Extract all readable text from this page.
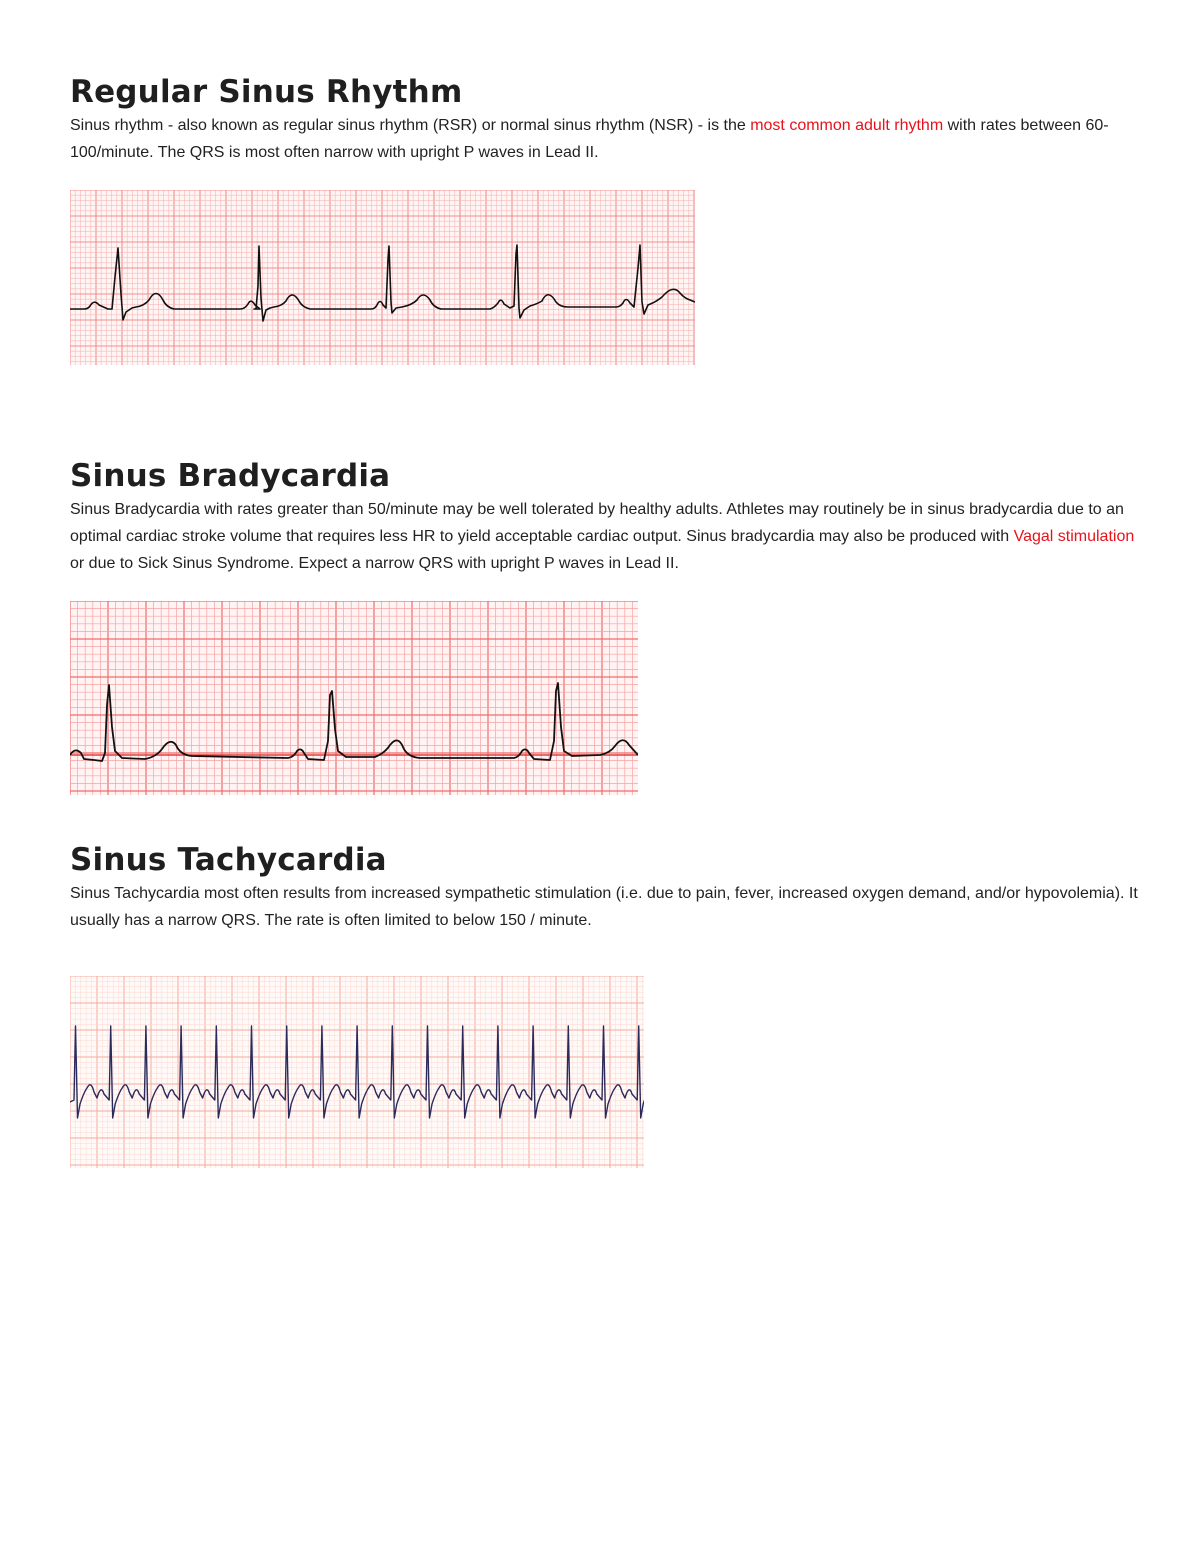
Regular Sinus Rhythm

Sinus rhythm - also known as regular sinus rhythm (RSR) or normal sinus rhythm (NSR) - is the most common adult rhythm with rates between 60-100/minute. The QRS is most often narrow with upright P waves in Lead II.

Sinus Bradycardia

Sinus Bradycardia with rates greater than 50/minute may be well tolerated by healthy adults. Athletes may routinely be in sinus bradycardia due to an optimal cardiac stroke volume that requires less HR to yield acceptable cardiac output. Sinus bradycardia may also be produced with Vagal stimulation or due to Sick Sinus Syndrome. Expect a narrow QRS with upright P waves in Lead II.

Sinus Tachycardia

Sinus Tachycardia most often results from increased sympathetic stimulation (i.e. due to pain, fever, increased oxygen demand, and/or hypovolemia). It usually has a narrow QRS. The rate is often limited to below 150 / minute.
